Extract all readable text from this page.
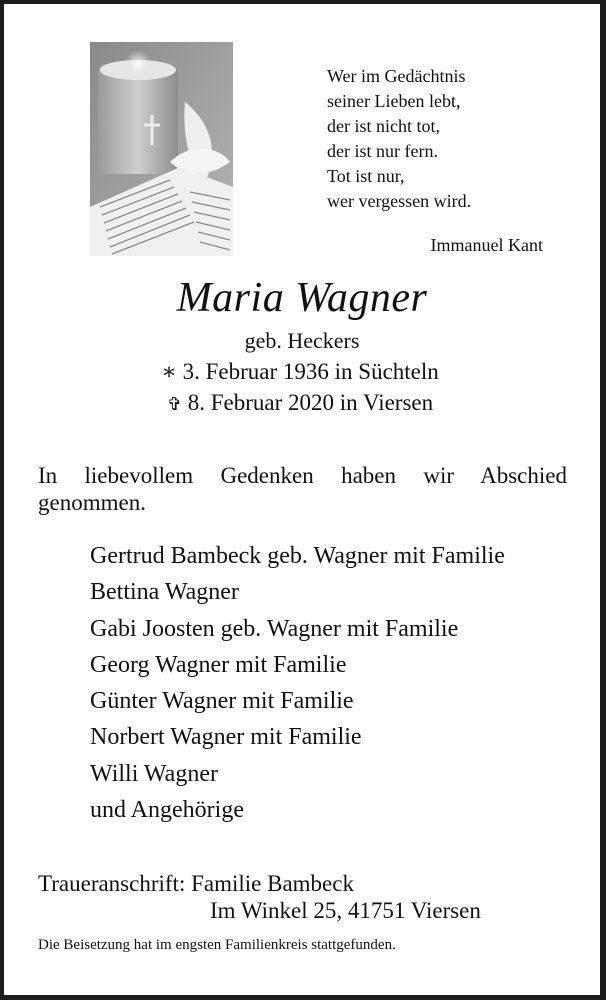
Wer im Gedächtnis
seiner Lieben lebt,
der ist nicht tot,
der ist nur fern.
Tot ist nur,
wer vergessen wird.
Immanuel Kant
Maria Wagner
geb. Heckers
∗ 3. Februar 1936 in Süchteln
✞ 8. Februar 2020 in Viersen
In liebevollem Gedenken haben wir Abschied genommen.
Gertrud Bambeck geb. Wagner mit Familie
Bettina Wagner
Gabi Joosten geb. Wagner mit Familie
Georg Wagner mit Familie
Günter Wagner mit Familie
Norbert Wagner mit Familie
Willi Wagner
und Angehörige
Traueranschrift: Familie Bambeck
Im Winkel 25, 41751 Viersen
Die Beisetzung hat im engsten Familienkreis stattgefunden.
